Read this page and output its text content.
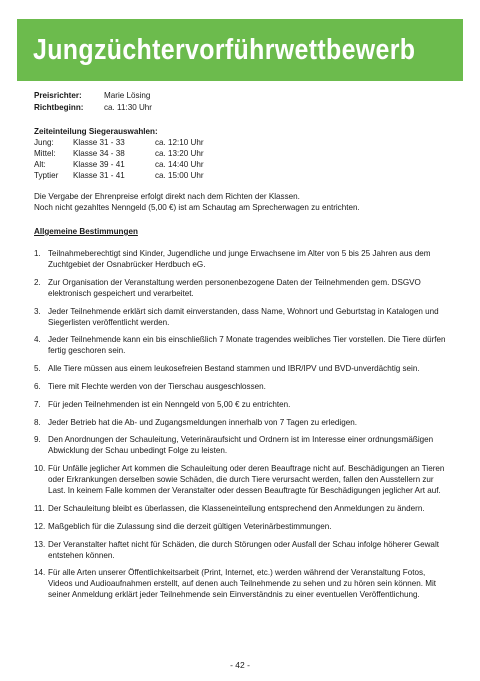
Jungzüchtervorführwettbewerb
Preisrichter:	Marie Lösing
Richtbeginn:	ca. 11:30 Uhr
Zeiteinteilung Siegerauswahlen:
Jung:	Klasse 31 - 33	ca. 12:10 Uhr
Mittel:	Klasse 34 - 38	ca. 13:20 Uhr
Alt:	Klasse 39 - 41	ca. 14:40 Uhr
Typtier	Klasse 31 - 41	ca. 15:00 Uhr
Die Vergabe der Ehrenpreise erfolgt direkt nach dem Richten der Klassen.
Noch nicht gezahltes Nenngeld (5,00 €) ist am Schautag am Sprecherwagen zu entrichten.
Allgemeine Bestimmungen
1. Teilnahmeberechtigt sind Kinder, Jugendliche und junge Erwachsene im Alter von 5 bis 25 Jahren aus dem Zuchtgebiet der Osnabrücker Herdbuch eG.
2. Zur Organisation der Veranstaltung werden personenbezogene Daten der Teilnehmenden gem. DSGVO elektronisch gespeichert und verarbeitet.
3. Jeder Teilnehmende erklärt sich damit einverstanden, dass Name, Wohnort und Geburtstag in Katalogen und Siegerlisten veröffentlicht werden.
4. Jeder Teilnehmende kann ein bis einschließlich 7 Monate tragendes weibliches Tier vorstellen. Die Tiere dürfen fertig geschoren sein.
5. Alle Tiere müssen aus einem leukosefreien Bestand stammen und IBR/IPV und BVD-unverdächtig sein.
6. Tiere mit Flechte werden von der Tierschau ausgeschlossen.
7. Für jeden Teilnehmenden ist ein Nenngeld von 5,00 € zu entrichten.
8. Jeder Betrieb hat die Ab- und Zugangsmeldungen innerhalb von 7 Tagen zu erledigen.
9. Den Anordnungen der Schauleitung, Veterinäraufsicht und Ordnern ist im Interesse einer ordnungsmäßigen Abwicklung der Schau unbedingt Folge zu leisten.
10. Für Unfälle jeglicher Art kommen die Schauleitung oder deren Beauftrage nicht auf. Beschädigungen an Tieren oder Erkrankungen derselben sowie Schäden, die durch Tiere verursacht werden, fallen den Ausstellern zur Last. In keinem Falle kommen der Veranstalter oder dessen Beauftragte für Beschädigungen jeglicher Art auf.
11. Der Schauleitung bleibt es überlassen, die Klasseneinteilung entsprechend den Anmeldungen zu ändern.
12. Maßgeblich für die Zulassung sind die derzeit gültigen Veterinärbestimmungen.
13. Der Veranstalter haftet nicht für Schäden, die durch Störungen oder Ausfall der Schau infolge höherer Gewalt entstehen können.
14. Für alle Arten unserer Öffentlichkeitsarbeit (Print, Internet, etc.) werden während der Veranstaltung Fotos, Videos und Audioaufnahmen erstellt, auf denen auch Teilnehmende zu sehen und zu hören sein können. Mit seiner Anmeldung erklärt jeder Teilnehmende sein Einverständnis zu einer eventuellen Veröffentlichung.
- 42 -
